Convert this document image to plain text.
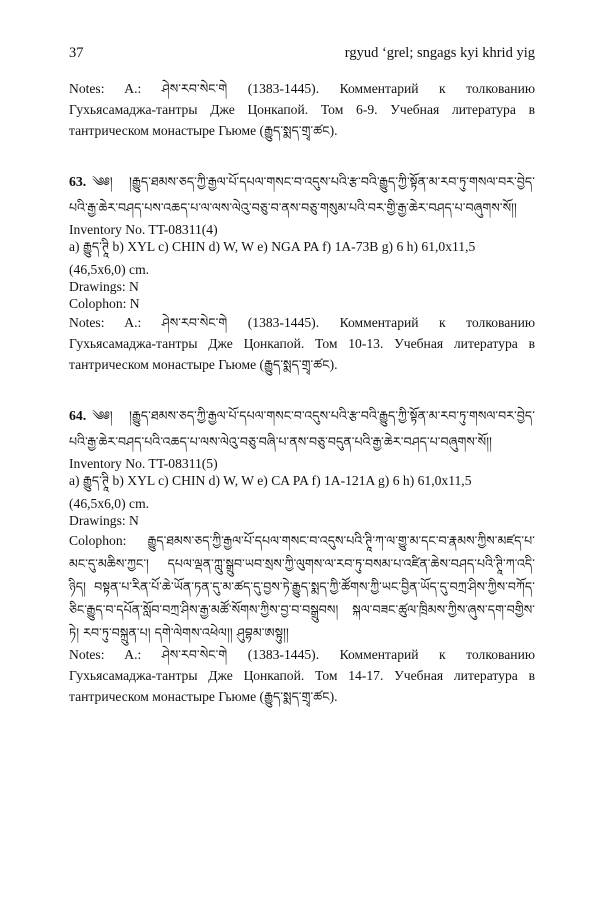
37	rgyud ‘grel; sngags kyi khrid yig

Notes: A.: ཤེས་རབ་སེང་གེ (1383-1445). Комментарий к толкованию

Гухьясамаджа-тантры Дже Цонкапой. Том 6-9. Учебная литература в

тантрическом монастыре Гьюме (རྒྱུད་སྨད་གྲྭ་ཚང).

63. ༄༅། །རྒྱུད་ཐམས་ཅད་ཀྱི་རྒྱལ་པོ་དཔལ་གསང་བ་འདུས་པའི་རྩ་བའི་རྒྱུད་ཀྱི་སྟོན་མ་རབ་ཏུ་གསལ་བར་བྱེད་པའི་རྒྱ་ཆེར་བཤད་པས་འཆད་པ་ལ་ལས་ལེའུ་བཅུ་བ་ནས་བཅུ་གསུམ་པའི་བར་གྱི་རྒྱ་ཆེར་བཤད་པ་བཞུགས་སོ།།

Inventory No. TT-08311(4)

a) རྒྱུད་ཊཱི b) XYL c) CHIN d) W, W e) NGA PA f) 1A-73B g) 6 h) 61,0x11,5

(46,5x6,0) cm.

Drawings: N

Colophon: N

Notes: A.: ཤེས་རབ་སེང་གེ (1383-1445). Комментарий к толкованию

Гухьясамаджа-тантры Дже Цонкапой. Том 10-13. Учебная литература в

тантрическом монастыре Гьюме (རྒྱུད་སྨད་གྲྭ་ཚང).

64. ༄༅། །རྒྱུད་ཐམས་ཅད་ཀྱི་རྒྱལ་པོ་དཔལ་གསང་བ་འདུས་པའི་རྩ་བའི་རྒྱུད་ཀྱི་སྟོན་མ་རབ་ཏུ་གསལ་བར་བྱེད་པའི་རྒྱ་ཆེར་བཤད་པའི་འཆད་པ་ལས་ལེའུ་བཅུ་བཞི་པ་ནས་བཅུ་བདུན་པའི་རྒྱ་ཆེར་བཤད་པ་བཞུགས་སོ།།

Inventory No. TT-08311(5)

a) རྒྱུད་ཊཱི b) XYL c) CHIN d) W, W e) CA PA f) 1A-121A g) 6 h) 61,0x11,5

(46,5x6,0) cm.

Drawings: N

Colophon: རྒྱུད་ཐམས་ཅད་ཀྱི་རྒྱལ་པོ་དཔལ་གསང་བ་འདུས་པའི་ཊཱི་ཀ་ལ་གྱུ་མ་དང་བ་རྣམས་ཀྱིས་མཛད་པ་མང་དུ་མཆིས་ཀྱང་། དཔལ་ལྡན་ཀླུ་སྒྲུབ་ཡབ་སྲས་ཀྱི་ལུགས་ལ་རབ་ཏུ་བསམ་པ་འཛིན་ཆེས་བཤད་པའི་ཊཱི་ཀ་འདི་ཉིད། བསྟན་པ་རིན་པོ་ཆེ་ཡོན་ཏན་དུ་མ་ཚད་དུ་བྱས་ཏེ་རྒྱུད་སྨད་ཀྱི་ཚོགས་ཀྱི་ཡང་བྱིན་ཡོད་དུ་བཀྲ་ཤིས་ཀྱིས་བཀོད་ཅིང་རྒྱུད་བ་དཔོན་སློབ་བཀྲ་ཤིས་རྒྱ་མཚོ་སོགས་ཀྱིས་བྱ་བ་བསྒྲུབས། སྐལ་བཟང་ཚུལ་ཁྲིམས་ཀྱིས་ཞུས་དག་བགྱིས་ཏེ། རབ་ཏུ་བསྐྲུན་པ། དགེ་ལེགས་འཕེལ།། ཤུབྷམ་ཨསྟུ།།

Notes: A.: ཤེས་རབ་སེང་གེ (1383-1445). Комментарий к толкованию

Гухьясамаджа-тантры Дже Цонкапой. Том 14-17. Учебная литература в

тантрическом монастыре Гьюме (རྒྱུད་སྨད་གྲྭ་ཚང).
